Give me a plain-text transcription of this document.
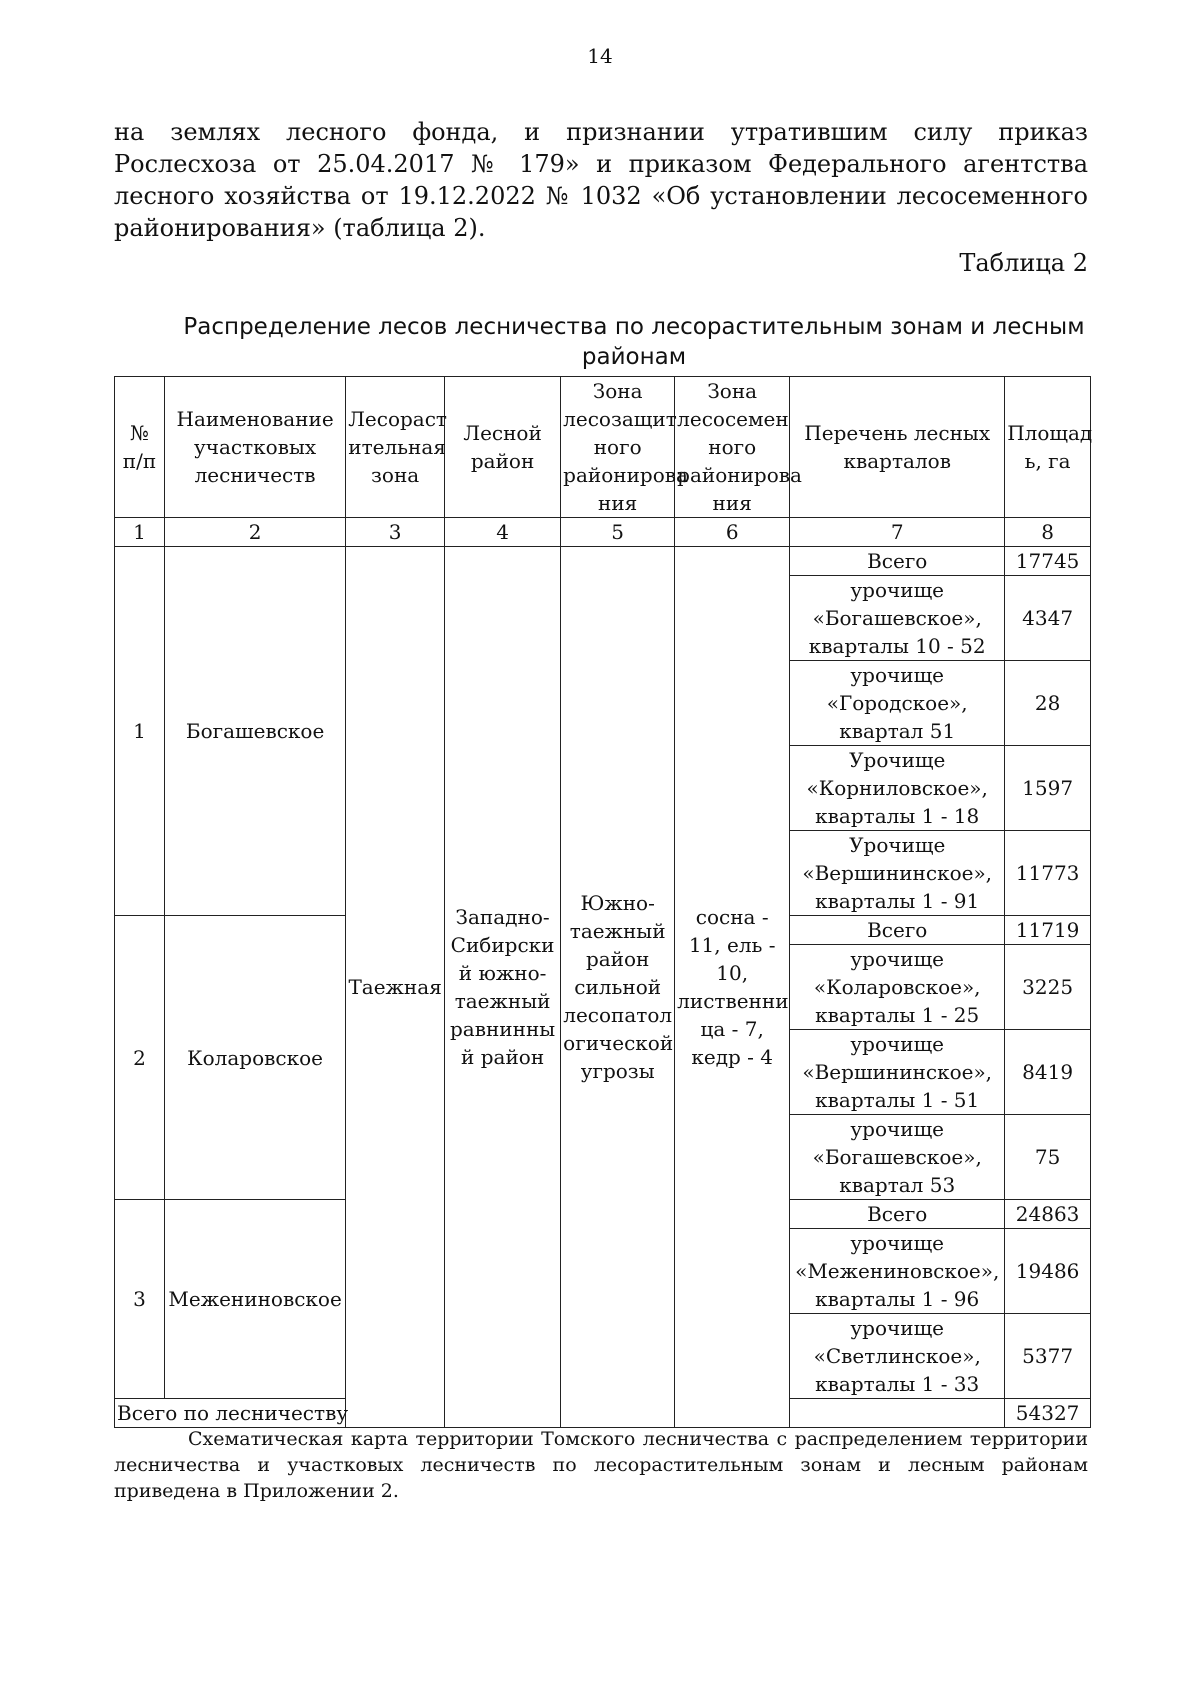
14

на землях лесного фонда, и признании утратившим силу приказ Рослесхоза от 25.04.2017 № 179» и приказом Федерального агентства лесного хозяйства от 19.12.2022 № 1032 «Об установлении лесосеменного районирования» (таблица 2).

Таблица 2
Распределение лесов лесничества по лесорастительным зонам и лесным районам
№ п/п	Наименование участковых лесничеств	Лесораст ительная зона	Лесной район	Зона лесозащит ного районирова ния	Зона лесосемен ного районирова ния	Перечень лесных кварталов	Площад ь, га
1	2	3	4	5	6	7	8
1	Богашевское	Таежная	Западно-Сибирски й южно-таежный равнинны й район	Южно-таежный район сильной лесопатол огической угрозы	сосна - 11, ель - 10, лиственни ца - 7, кедр - 4	Всего	17745
						урочище «Богашевское», кварталы 10 - 52	4347
						урочище «Городское», квартал 51	28
						Урочище «Корниловское», кварталы 1 - 18	1597
						Урочище «Вершининское», кварталы 1 - 91	11773
2	Коларовское					Всего	11719
						урочище «Коларовское», кварталы 1 - 25	3225
						урочище «Вершининское», кварталы 1 - 51	8419
						урочище «Богашевское», квартал 53	75
3	Межениновское					Всего	24863
						урочище «Межениновское», кварталы 1 - 96	19486
						урочище «Светлинское», кварталы 1 - 33	5377
Всего по лесничеству							54327

Схематическая карта территории Томского лесничества с распределением территории лесничества и участковых лесничеств по лесорастительным зонам и лесным районам приведена в Приложении 2.
